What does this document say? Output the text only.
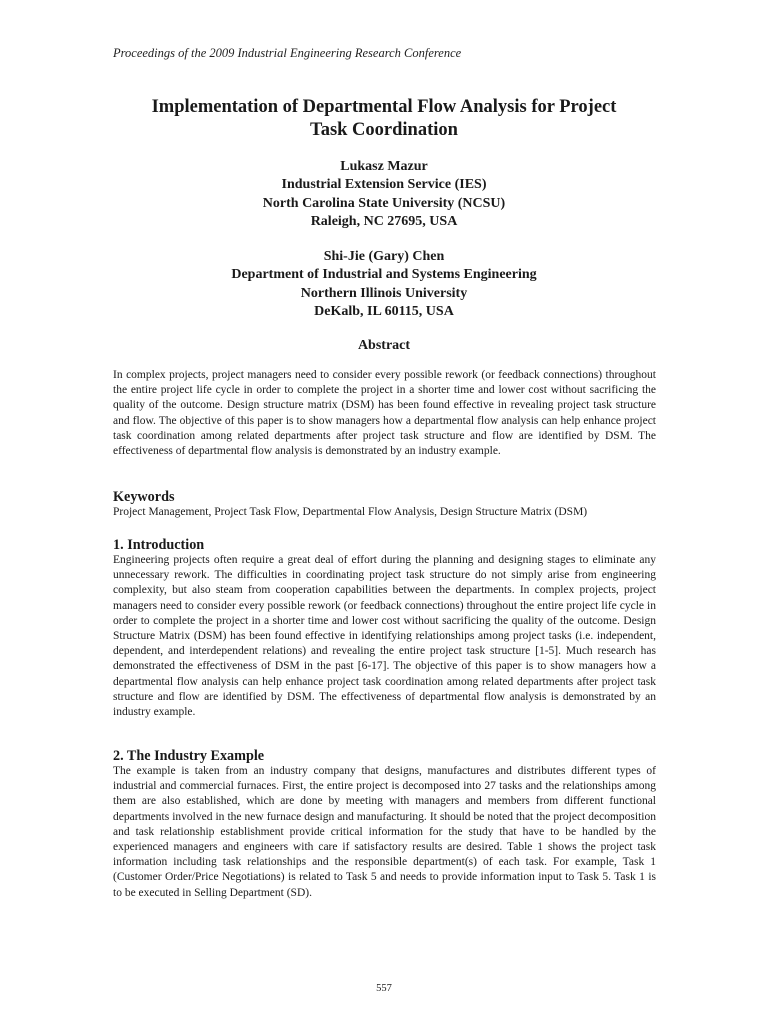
Proceedings of the 2009 Industrial Engineering Research Conference
Implementation of Departmental Flow Analysis for Project
Task Coordination
Lukasz Mazur
Industrial Extension Service (IES)
North Carolina State University (NCSU)
Raleigh, NC 27695, USA
Shi-Jie (Gary) Chen
Department of Industrial and Systems Engineering
Northern Illinois University
DeKalb, IL 60115, USA
Abstract
In complex projects, project managers need to consider every possible rework (or feedback connections) throughout the entire project life cycle in order to complete the project in a shorter time and lower cost without sacrificing the quality of the outcome. Design structure matrix (DSM) has been found effective in revealing project task structure and flow. The objective of this paper is to show managers how a departmental flow analysis can help enhance project task coordination among related departments after project task structure and flow are identified by DSM. The effectiveness of departmental flow analysis is demonstrated by an industry example.
Keywords
Project Management, Project Task Flow, Departmental Flow Analysis, Design Structure Matrix (DSM)
1. Introduction
Engineering projects often require a great deal of effort during the planning and designing stages to eliminate any unnecessary rework. The difficulties in coordinating project task structure do not simply arise from engineering complexity, but also steam from cooperation capabilities between the departments. In complex projects, project managers need to consider every possible rework (or feedback connections) throughout the entire project life cycle in order to complete the project in a shorter time and lower cost without sacrificing the quality of the outcome. Design Structure Matrix (DSM) has been found effective in identifying relationships among project tasks (i.e. independent, dependent, and interdependent relations) and revealing the entire project task structure [1-5]. Much research has demonstrated the effectiveness of DSM in the past [6-17]. The objective of this paper is to show managers how a departmental flow analysis can help enhance project task coordination among related departments after project task structure and flow are identified by DSM. The effectiveness of departmental flow analysis is demonstrated by an industry example.
2. The Industry Example
The example is taken from an industry company that designs, manufactures and distributes different types of industrial and commercial furnaces. First, the entire project is decomposed into 27 tasks and the relationships among them are also established, which are done by meeting with managers and members from different functional departments involved in the new furnace design and manufacturing. It should be noted that the project decomposition and task relationship establishment provide critical information for the study that have to be handled by the experienced managers and engineers with care if satisfactory results are desired. Table 1 shows the project task information including task relationships and the responsible department(s) of each task. For example, Task 1 (Customer Order/Price Negotiations) is related to Task 5 and needs to provide information input to Task 5. Task 1 is to be executed in Selling Department (SD).
557
